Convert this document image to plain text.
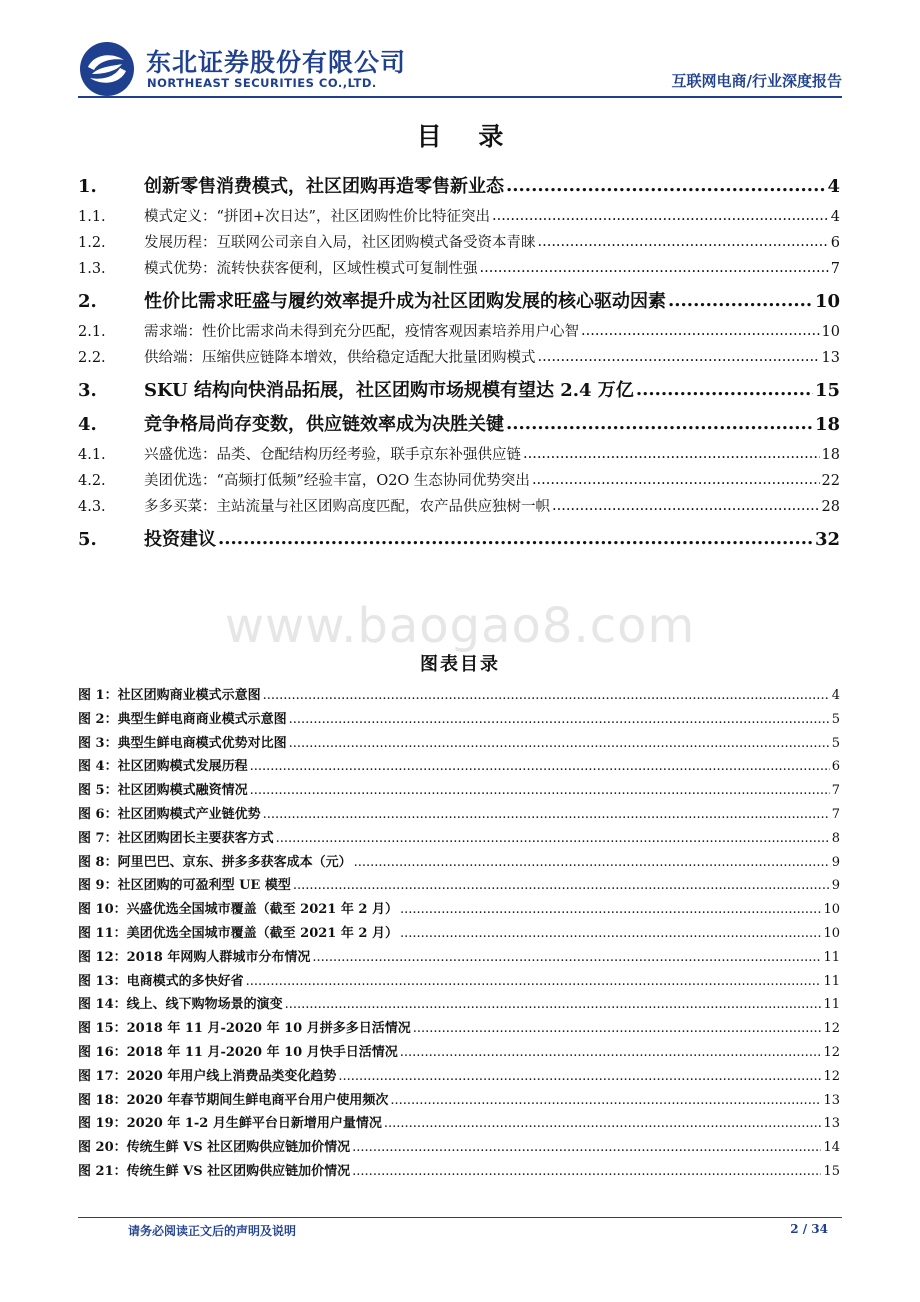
东北证券股份有限公司
NORTHEAST SECURITIES CO.,LTD.	互联网电商/行业深度报告
目 录
1.	创新零售消费模式，社区团购再造零售新业态 .....	4
1.1.	模式定义：“拼团+次日达”，社区团购性价比特征突出 .....	4
1.2.	发展历程：互联网公司亲自入局，社区团购模式备受资本青睐 .....	6
1.3.	模式优势：流转快获客便利，区域性模式可复制性强 .....	7
2.	性价比需求旺盛与履约效率提升成为社区团购发展的核心驱动因素 .....	10
2.1.	需求端：性价比需求尚未得到充分匹配，疫情客观因素培养用户心智 .....	10
2.2.	供给端：压缩供应链降本增效，供给稳定适配大批量团购模式 .....	13
3.	SKU 结构向快消品拓展，社区团购市场规模有望达 2.4 万亿 .....	15
4.	竞争格局尚存变数，供应链效率成为决胜关键 .....	18
4.1.	兴盛优选：品类、仓配结构历经考验，联手京东补强供应链 .....	18
4.2.	美团优选：“高频打低频”经验丰富，O2O 生态协同优势突出 .....	22
4.3.	多多买菜：主站流量与社区团购高度匹配，农产品供应独树一帜 .....	28
5.	投资建议 .....	32
www.baogao8.com
图表目录
图 1：社区团购商业模式示意图 .....	4
图 2：典型生鲜电商商业模式示意图 .....	5
图 3：典型生鲜电商模式优势对比图 .....	5
图 4：社区团购模式发展历程 .....	6
图 5：社区团购模式融资情况 .....	7
图 6：社区团购模式产业链优势 .....	7
图 7：社区团购团长主要获客方式 .....	8
图 8：阿里巴巴、京东、拼多多获客成本（元） .....	9
图 9：社区团购的可盈利型 UE 模型 .....	9
图 10：兴盛优选全国城市覆盖（截至 2021 年 2 月） .....	10
图 11：美团优选全国城市覆盖（截至 2021 年 2 月） .....	10
图 12：2018 年网购人群城市分布情况 .....	11
图 13：电商模式的多快好省 .....	11
图 14：线上、线下购物场景的演变 .....	11
图 15：2018 年 11 月-2020 年 10 月拼多多日活情况 .....	12
图 16：2018 年 11 月-2020 年 10 月快手日活情况 .....	12
图 17：2020 年用户线上消费品类变化趋势 .....	12
图 18：2020 年春节期间生鲜电商平台用户使用频次 .....	13
图 19：2020 年 1-2 月生鲜平台日新增用户量情况 .....	13
图 20：传统生鲜 VS 社区团购供应链加价情况 .....	14
图 21：传统生鲜 VS 社区团购供应链加价情况 .....	15
请务必阅读正文后的声明及说明	2 / 34
